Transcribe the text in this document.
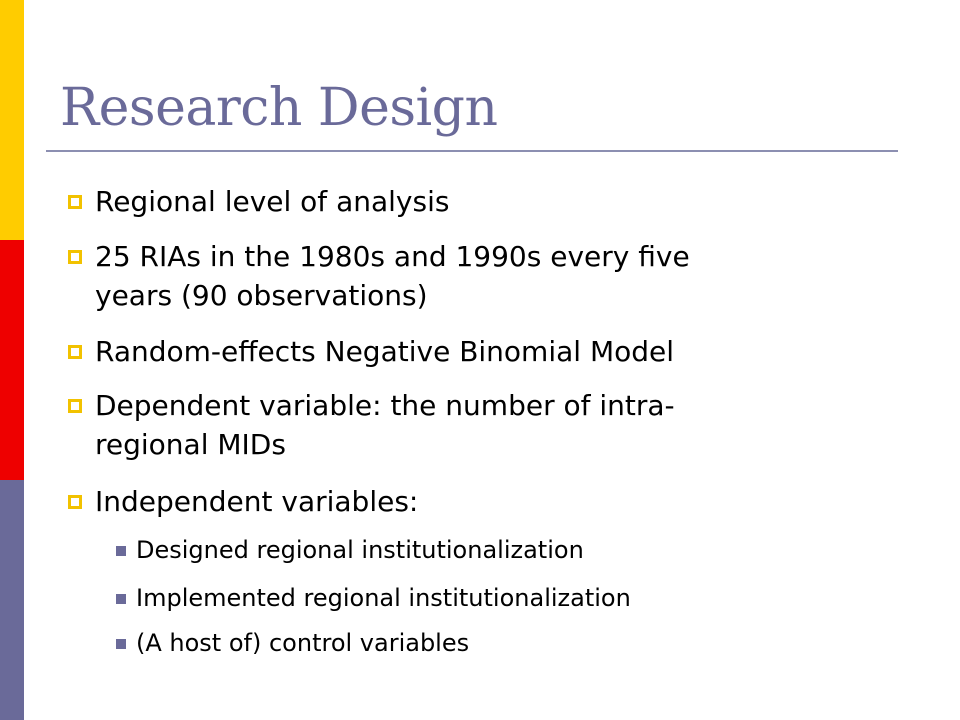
Research Design
Regional level of analysis
25 RIAs in the 1980s and 1990s every five
years (90 observations)
Random-effects Negative Binomial Model
Dependent variable: the number of intra-
regional MIDs
Independent variables:
Designed regional institutionalization
Implemented regional institutionalization
(A host of) control variables
